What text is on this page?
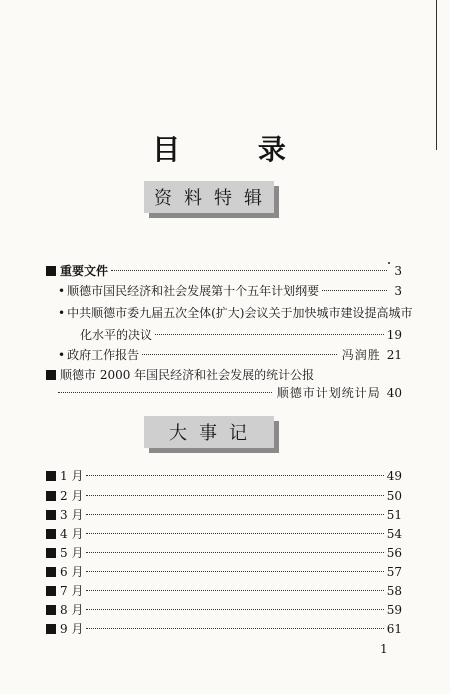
目 录
资料特辑
重要文件	3
• 顺德市国民经济和社会发展第十个五年计划纲要	3
• 中共顺德市委九届五次全体(扩大)会议关于加快城市建设提高城市
化水平的决议	19
• 政府工作报告	冯润胜 21
顺德市 2000 年国民经济和社会发展的统计公报
顺德市计划统计局 40
大事记
1 月	49
2 月	50
3 月	51
4 月	54
5 月	56
6 月	57
7 月	58
8 月	59
9 月	61
1
